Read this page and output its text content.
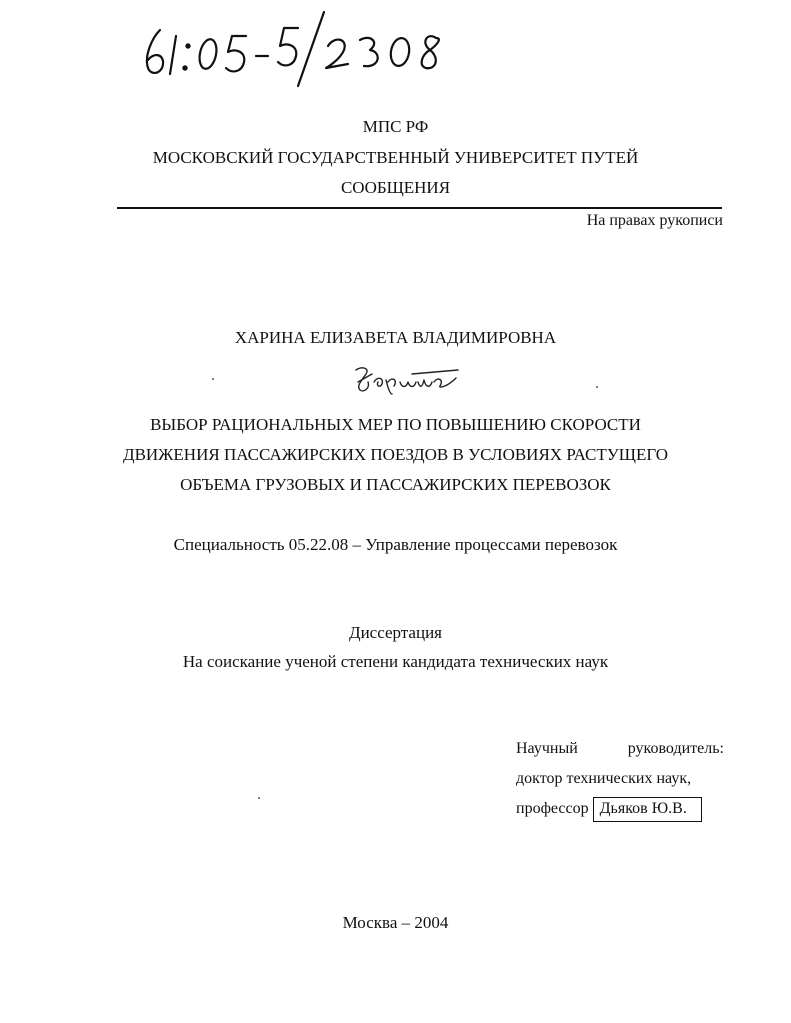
61: 05-5/2308
МПС РФ
МОСКОВСКИЙ ГОСУДАРСТВЕННЫЙ УНИВЕРСИТЕТ ПУТЕЙ
СООБЩЕНИЯ
На правах рукописи
ХАРИНА ЕЛИЗАВЕТА ВЛАДИМИРОВНА
Харина
ВЫБОР РАЦИОНАЛЬНЫХ МЕР ПО ПОВЫШЕНИЮ СКОРОСТИ
ДВИЖЕНИЯ ПАССАЖИРСКИХ ПОЕЗДОВ В УСЛОВИЯХ РАСТУЩЕГО
ОБЪЕМА ГРУЗОВЫХ И ПАССАЖИРСКИХ ПЕРЕВОЗОК
Специальность 05.22.08 – Управление процессами перевозок
Диссертация
На соискание ученой степени кандидата технических наук
Научный	руководитель:
доктор технических наук,
профессор Дьяков Ю.В.
Москва – 2004
